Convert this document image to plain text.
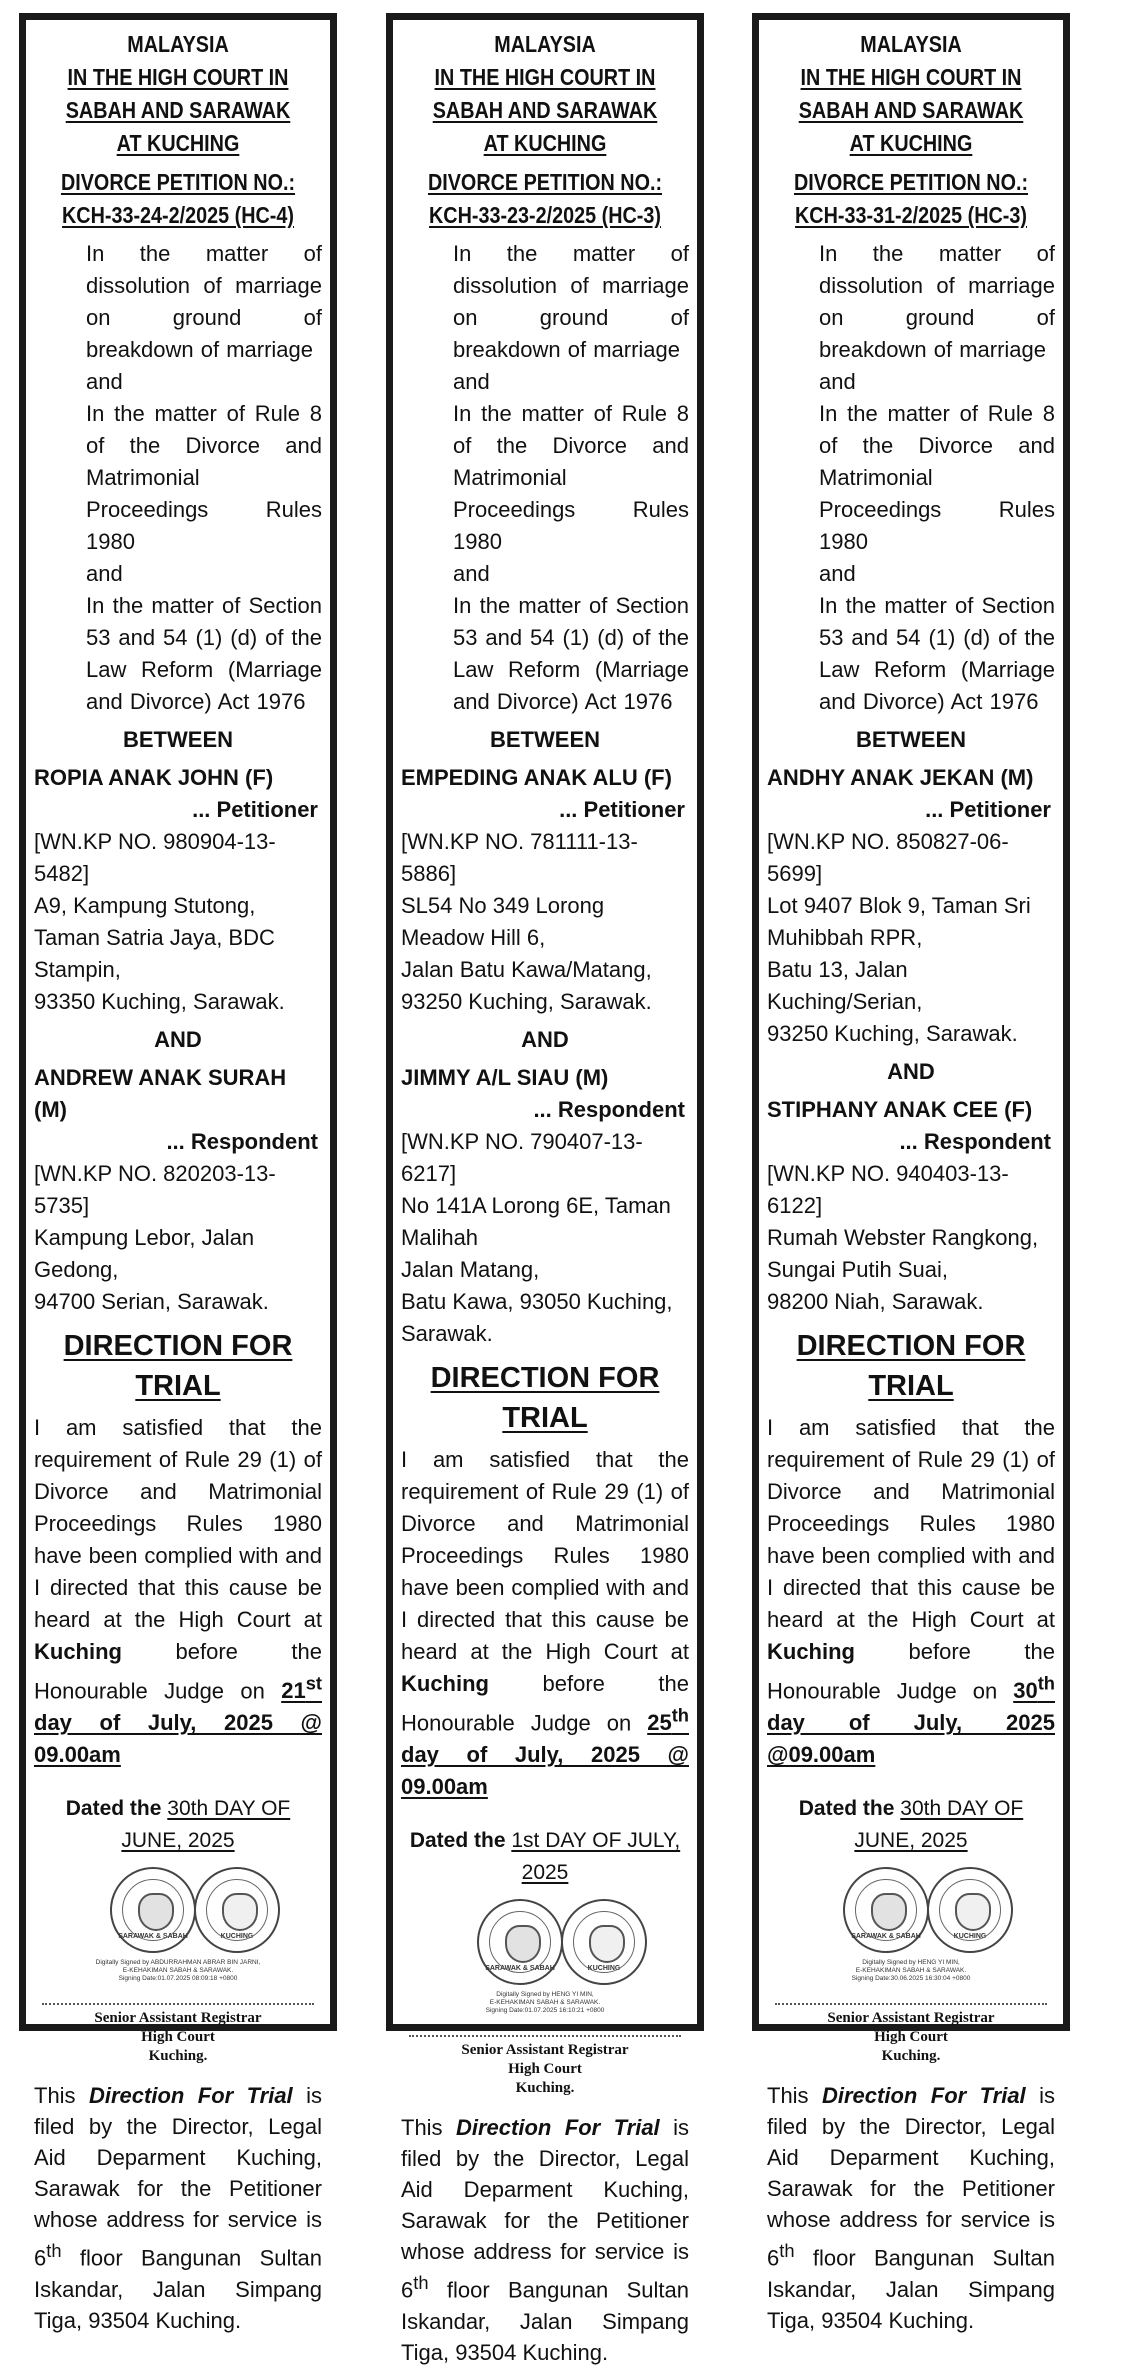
MALAYSIA
IN THE HIGH COURT IN
SABAH AND SARAWAK
AT KUCHING
DIVORCE PETITION NO.:
KCH-33-24-2/2025 (HC-4)
In the matter of dissolution of marriage on ground of breakdown of marriage
and
In the matter of Rule 8 of the Divorce and Matrimonial Proceedings Rules 1980
and
In the matter of Section 53 and 54 (1) (d) of the Law Reform (Marriage and Divorce) Act 1976
BETWEEN
ROPIA ANAK JOHN (F)
... Petitioner
[WN.KP NO. 980904-13-5482]
A9, Kampung Stutong,
Taman Satria Jaya, BDC Stampin,
93350 Kuching, Sarawak.
AND
ANDREW ANAK SURAH (M)
... Respondent
[WN.KP NO. 820203-13-5735]
Kampung Lebor, Jalan Gedong,
94700 Serian, Sarawak.
DIRECTION FOR TRIAL
I am satisfied that the requirement of Rule 29 (1) of Divorce and Matrimonial Proceedings Rules 1980 have been complied with and I directed that this cause be heard at the High Court at Kuching before the Honourable Judge on 21st day of July, 2025 @ 09.00am
Dated the 30th DAY OF JUNE, 2025
SARAWAK & SABAH	KUCHING
Digitally Signed by ABDURRAHMAN ABRAR BIN JARNI,
E-KEHAKIMAN SABAH & SARAWAK.
Signing Date:01.07.2025 08:09:18 +0800
Senior Assistant Registrar
High Court
Kuching.
This Direction For Trial is filed by the Director, Legal Aid Deparment Kuching, Sarawak for the Petitioner whose address for service is 6th floor Bangunan Sultan Iskandar, Jalan Simpang Tiga, 93504 Kuching.
MALAYSIA
IN THE HIGH COURT IN
SABAH AND SARAWAK
AT KUCHING
DIVORCE PETITION NO.:
KCH-33-23-2/2025 (HC-3)
In the matter of dissolution of marriage on ground of breakdown of marriage
and
In the matter of Rule 8 of the Divorce and Matrimonial Proceedings Rules 1980
and
In the matter of Section 53 and 54 (1) (d) of the Law Reform (Marriage and Divorce) Act 1976
BETWEEN
EMPEDING ANAK ALU (F)
... Petitioner
[WN.KP NO. 781111-13-5886]
SL54 No 349 Lorong Meadow Hill 6,
Jalan Batu Kawa/Matang,
93250 Kuching, Sarawak.
AND
JIMMY A/L SIAU (M)
... Respondent
[WN.KP NO. 790407-13-6217]
No 141A Lorong 6E, Taman Malihah
Jalan Matang,
Batu Kawa, 93050 Kuching,
Sarawak.
DIRECTION FOR TRIAL
I am satisfied that the requirement of Rule 29 (1) of Divorce and Matrimonial Proceedings Rules 1980 have been complied with and I directed that this cause be heard at the High Court at Kuching before the Honourable Judge on 25th day of July, 2025 @ 09.00am
Dated the 1st DAY OF JULY, 2025
SARAWAK & SABAH	KUCHING
Digitally Signed by HENG YI MIN,
E-KEHAKIMAN SABAH & SARAWAK.
Signing Date:01.07.2025 16:10:21 +0800
Senior Assistant Registrar
High Court
Kuching.
This Direction For Trial is filed by the Director, Legal Aid Deparment Kuching, Sarawak for the Petitioner whose address for service is 6th floor Bangunan Sultan Iskandar, Jalan Simpang Tiga, 93504 Kuching.
MALAYSIA
IN THE HIGH COURT IN
SABAH AND SARAWAK
AT KUCHING
DIVORCE PETITION NO.:
KCH-33-31-2/2025 (HC-3)
In the matter of dissolution of marriage on ground of breakdown of marriage
and
In the matter of Rule 8 of the Divorce and Matrimonial Proceedings Rules 1980
and
In the matter of Section 53 and 54 (1) (d) of the Law Reform (Marriage and Divorce) Act 1976
BETWEEN
ANDHY ANAK JEKAN (M)
... Petitioner
[WN.KP NO. 850827-06-5699]
Lot 9407 Blok 9, Taman Sri Muhibbah RPR,
Batu 13, Jalan Kuching/Serian,
93250 Kuching, Sarawak.
AND
STIPHANY ANAK CEE (F)
... Respondent
[WN.KP NO. 940403-13-6122]
Rumah Webster Rangkong,
Sungai Putih Suai,
98200 Niah, Sarawak.
DIRECTION FOR TRIAL
I am satisfied that the requirement of Rule 29 (1) of Divorce and Matrimonial Proceedings Rules 1980 have been complied with and I directed that this cause be heard at the High Court at Kuching before the Honourable Judge on 30th day of July, 2025 @09.00am
Dated the 30th DAY OF JUNE, 2025
SARAWAK & SABAH	KUCHING
Digitally Signed by HENG YI MIN,
E-KEHAKIMAN SABAH & SARAWAK.
Signing Date:30.06.2025 16:30:04 +0800
Senior Assistant Registrar
High Court
Kuching.
This Direction For Trial is filed by the Director, Legal Aid Deparment Kuching, Sarawak for the Petitioner whose address for service is 6th floor Bangunan Sultan Iskandar, Jalan Simpang Tiga, 93504 Kuching.
